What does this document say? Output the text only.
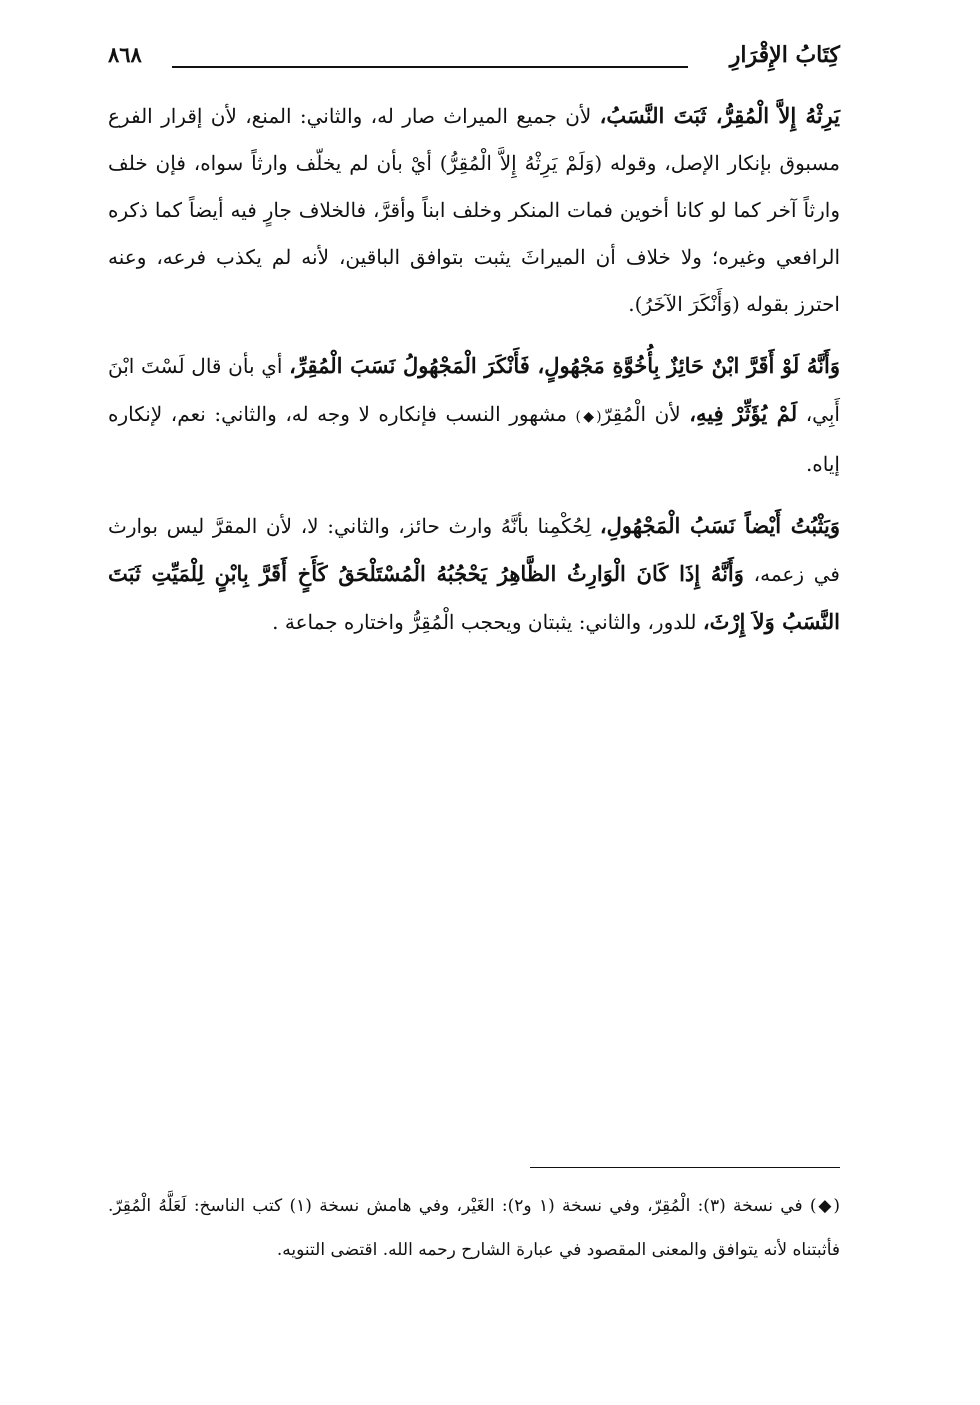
كِتَابُ الإِقْرَارِ
٨٦٨

يَرِثْهُ إِلاَّ الْمُقِرُّ، ثَبَتَ النَّسَبُ، لأن جميع الميراث صار له، والثاني: المنع، لأن إقرار الفرع مسبوق بإنكار الإصل، وقوله (وَلَمْ يَرِثْهُ إِلاَّ الْمُقِرُّ) أيْ بأن لم يخلّف وارثاً سواه، فإن خلف وارثاً آخر كما لو كانا أخوين فمات المنكر وخلف ابناً وأقرَّ، فالخلاف جارٍ فيه أيضاً كما ذكره الرافعي وغيره؛ ولا خلاف أن الميراثَ يثبت بتوافق الباقين، لأنه لم يكذب فرعه، وعنه احترز بقوله (وَأَنْكَرَ الآخَرُ).

وَأَنَّهُ لَوْ أَقَرَّ ابْنٌ حَائِزٌ بِأُخُوَّةِ مَجْهُولٍ، فَأَنْكَرَ الْمَجْهُولُ نَسَبَ الْمُقِرِّ، أي بأن قال لَسْتَ ابْنَ أَبِي، لَمْ يُؤَثِّرْ فِيهِ، لأن الْمُقِرّ(◆) مشهور النسب فإنكاره لا وجه له، والثاني: نعم، لإنكاره إياه.

وَيَثْبُتُ أَيْضاً نَسَبُ الْمَجْهُولِ، لِحُكْمِنا بأنَّهُ وارث حائز، والثاني: لا، لأن المقرَّ ليس بوارث في زعمه، وَأَنَّهُ إِذَا كَانَ الْوَارِثُ الظَّاهِرُ يَحْجُبُهُ الْمُسْتَلْحَقُ كَأَخٍ أَقَرَّ بِابْنٍ لِلْمَيِّتِ ثَبَتَ النَّسَبُ وَلاَ إِرْثَ، للدور، والثاني: يثبتان ويحجب الْمُقِرُّ واختاره جماعة .

(◆) في نسخة (٣): الْمُقِرّ، وفي نسخة (١ و٢): الغَيْر، وفي هامش نسخة (١) كتب الناسخ: لَعَلَّهُ الْمُقِرّ. فأثبتناه لأنه يتوافق والمعنى المقصود في عبارة الشارح رحمه الله. اقتضى التنويه.
